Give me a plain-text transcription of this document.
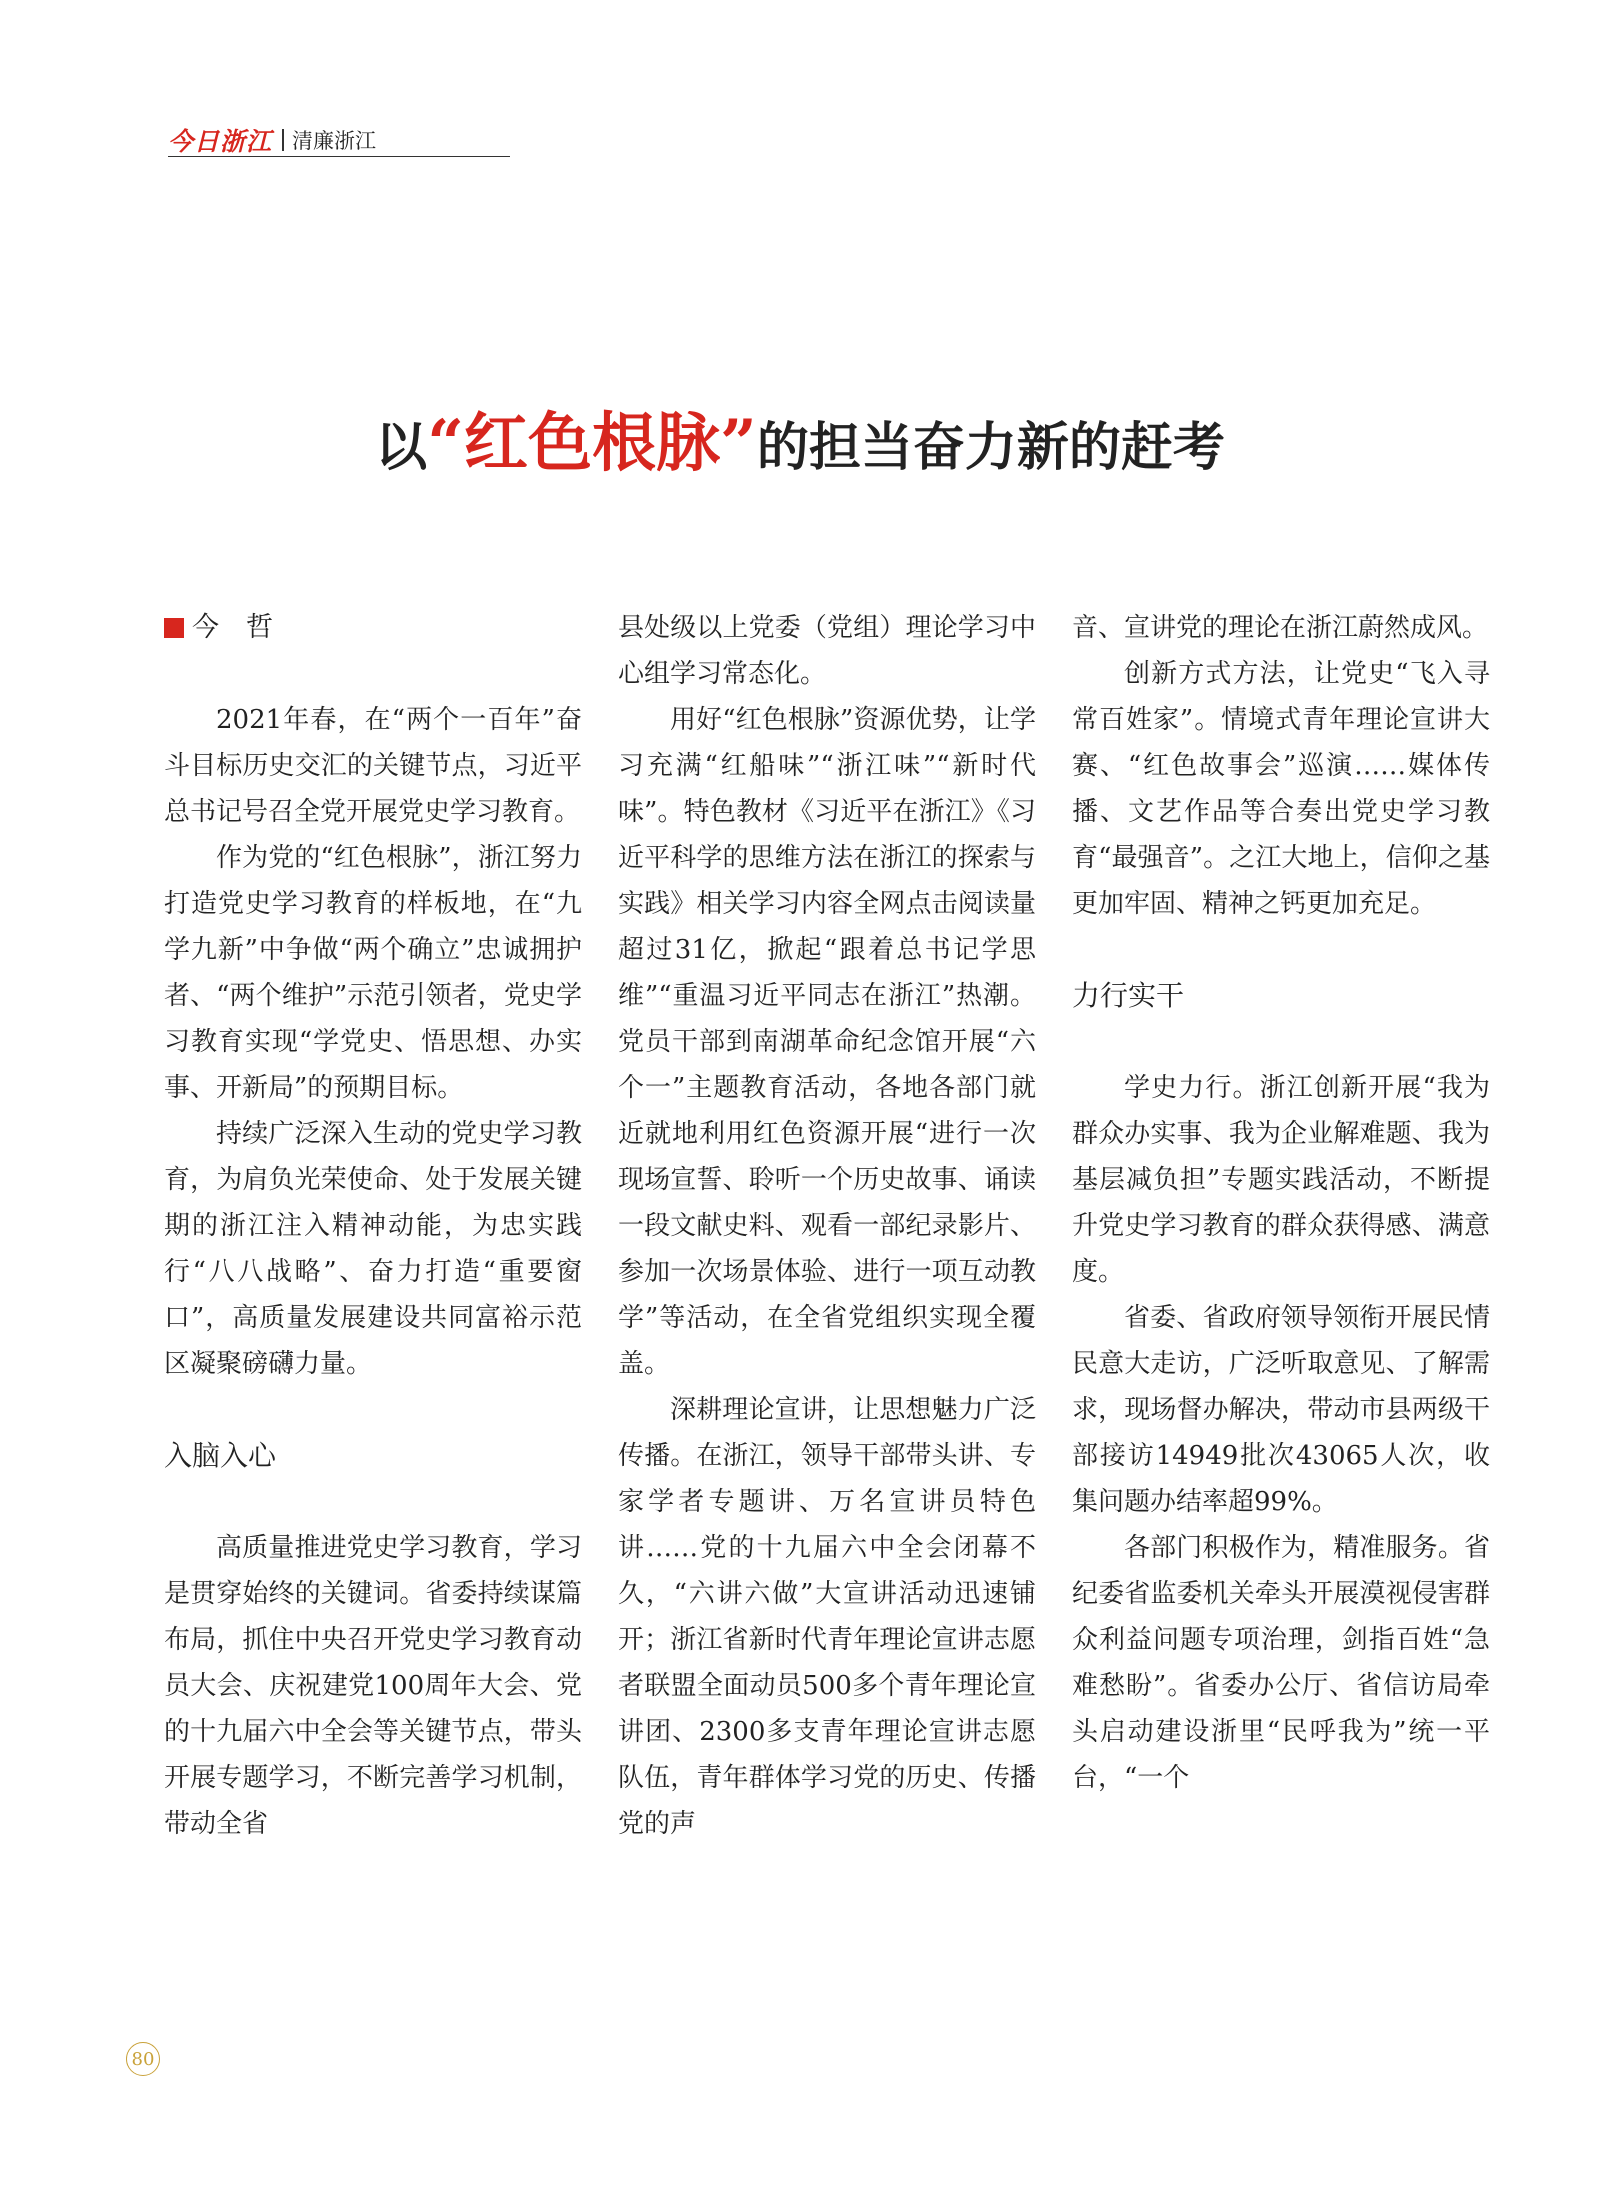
今日浙江 清廉浙江
以“红色根脉”的担当奋力新的赶考
今　哲

2021年春，在“两个一百年”奋斗目标历史交汇的关键节点，习近平总书记号召全党开展党史学习教育。

作为党的“红色根脉”，浙江努力打造党史学习教育的样板地，在“九学九新”中争做“两个确立”忠诚拥护者、“两个维护”示范引领者，党史学习教育实现“学党史、悟思想、办实事、开新局”的预期目标。

持续广泛深入生动的党史学习教育，为肩负光荣使命、处于发展关键期的浙江注入精神动能，为忠实践行“八八战略”、奋力打造“重要窗口”，高质量发展建设共同富裕示范区凝聚磅礴力量。

入脑入心

高质量推进党史学习教育，学习是贯穿始终的关键词。省委持续谋篇布局，抓住中央召开党史学习教育动员大会、庆祝建党100周年大会、党的十九届六中全会等关键节点，带头开展专题学习，不断完善学习机制，带动全省

县处级以上党委（党组）理论学习中心组学习常态化。

用好“红色根脉”资源优势，让学习充满“红船味”“浙江味”“新时代味”。特色教材《习近平在浙江》《习近平科学的思维方法在浙江的探索与实践》相关学习内容全网点击阅读量超过31亿，掀起“跟着总书记学思维”“重温习近平同志在浙江”热潮。党员干部到南湖革命纪念馆开展“六个一”主题教育活动，各地各部门就近就地利用红色资源开展“进行一次现场宣誓、聆听一个历史故事、诵读一段文献史料、观看一部纪录影片、参加一次场景体验、进行一项互动教学”等活动，在全省党组织实现全覆盖。

深耕理论宣讲，让思想魅力广泛传播。在浙江，领导干部带头讲、专家学者专题讲、万名宣讲员特色讲……党的十九届六中全会闭幕不久，“六讲六做”大宣讲活动迅速铺开；浙江省新时代青年理论宣讲志愿者联盟全面动员500多个青年理论宣讲团、2300多支青年理论宣讲志愿队伍，青年群体学习党的历史、传播党的声

音、宣讲党的理论在浙江蔚然成风。

创新方式方法，让党史“飞入寻常百姓家”。情境式青年理论宣讲大赛、“红色故事会”巡演……媒体传播、文艺作品等合奏出党史学习教育“最强音”。之江大地上，信仰之基更加牢固、精神之钙更加充足。

力行实干

学史力行。浙江创新开展“我为群众办实事、我为企业解难题、我为基层减负担”专题实践活动，不断提升党史学习教育的群众获得感、满意度。

省委、省政府领导领衔开展民情民意大走访，广泛听取意见、了解需求，现场督办解决，带动市县两级干部接访14949批次43065人次，收集问题办结率超99%。

各部门积极作为，精准服务。省纪委省监委机关牵头开展漠视侵害群众利益问题专项治理，剑指百姓“急难愁盼”。省委办公厅、省信访局牵头启动建设浙里“民呼我为”统一平台，“一个

80
